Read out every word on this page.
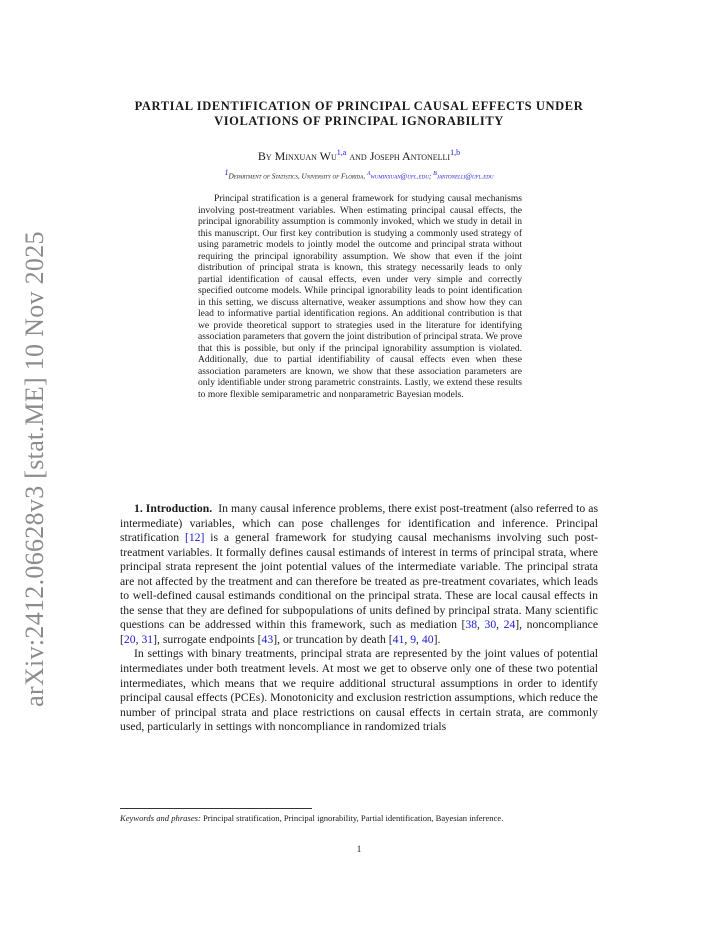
arXiv:2412.06628v3 [stat.ME] 10 Nov 2025
PARTIAL IDENTIFICATION OF PRINCIPAL CAUSAL EFFECTS UNDER VIOLATIONS OF PRINCIPAL IGNORABILITY
By Minxuan Wu$^{1,a}$ and Joseph Antonelli$^{1,b}$
$^1$Department of Statistics, University of Florida, $^a$wuminxuan@ufl.edu; $^b$jantonelli@ufl.edu

Principal stratification is a general framework for studying causal mechanisms involving post-treatment variables. When estimating principal causal effects, the principal ignorability assumption is commonly invoked, which we study in detail in this manuscript. Our first key contribution is studying a commonly used strategy of using parametric models to jointly model the outcome and principal strata without requiring the principal ignorability assumption. We show that even if the joint distribution of principal strata is known, this strategy necessarily leads to only partial identification of causal effects, even under very simple and correctly specified outcome models. While principal ignorability leads to point identification in this setting, we discuss alternative, weaker assumptions and show how they can lead to informative partial identification regions. An additional contribution is that we provide theoretical support to strategies used in the literature for identifying association parameters that govern the joint distribution of principal strata. We prove that this is possible, but only if the principal ignorability assumption is violated. Additionally, due to partial identifiability of causal effects even when these association parameters are known, we show that these association parameters are only identifiable under strong parametric constraints. Lastly, we extend these results to more flexible semiparametric and nonparametric Bayesian models.

1. Introduction. In many causal inference problems, there exist post-treatment (also referred to as intermediate) variables, which can pose challenges for identification and inference. Principal stratification [12] is a general framework for studying causal mechanisms involving such post-treatment variables. It formally defines causal estimands of interest in terms of principal strata, where principal strata represent the joint potential values of the intermediate variable. The principal strata are not affected by the treatment and can therefore be treated as pre-treatment covariates, which leads to well-defined causal estimands conditional on the principal strata. These are local causal effects in the sense that they are defined for subpopulations of units defined by principal strata. Many scientific questions can be addressed within this framework, such as mediation [38, 30, 24], noncompliance [20, 31], surrogate endpoints [43], or truncation by death [41, 9, 40].

In settings with binary treatments, principal strata are represented by the joint values of potential intermediates under both treatment levels. At most we get to observe only one of these two potential intermediates, which means that we require additional structural assumptions in order to identify principal causal effects (PCEs). Monotonicity and exclusion restriction assumptions, which reduce the number of principal strata and place restrictions on causal effects in certain strata, are commonly used, particularly in settings with noncompliance in randomized trials

Keywords and phrases: Principal stratification, Principal ignorability, Partial identification, Bayesian inference.
1
